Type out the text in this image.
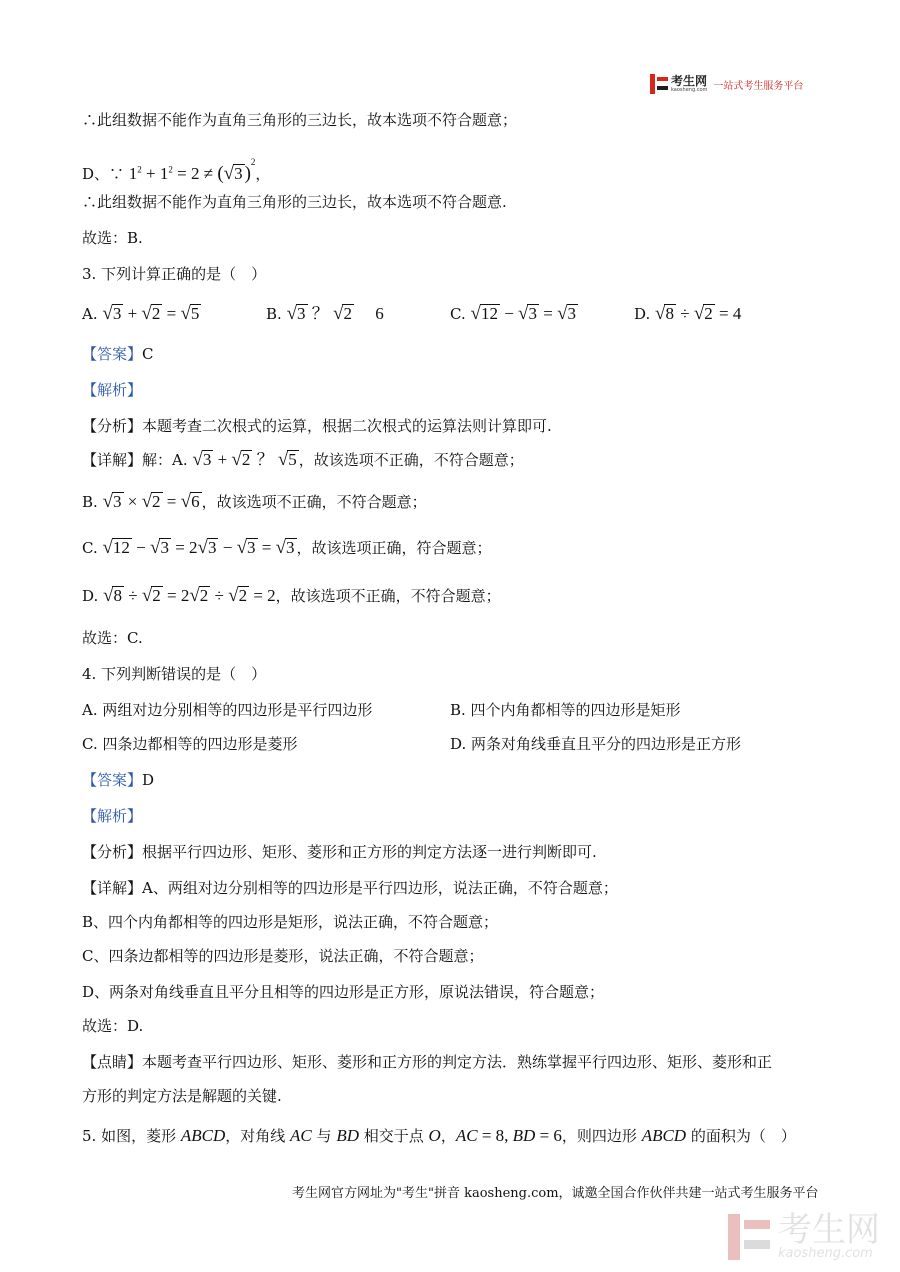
考生网
kaosheng.com 一站式考生服务平台
∴此组数据不能作为直角三角形的三边长，故本选项不符合题意；
D、∵ $1^2 + 1^2 = 2 \ne (√3$ )$^2$，
∴此组数据不能作为直角三角形的三边长，故本选项不符合题意.
故选：B.
3. 下列计算正确的是（　）
A. √3 + √2 = √5	B. √3 ？ √2 6	C. √12 − √3 = √3	D. √8 ÷ √2 = 4
【答案】C
【解析】
【分析】本题考查二次根式的运算，根据二次根式的运算法则计算即可.
【详解】解：A. √3 + √2 ？ √5 ，故该选项不正确，不符合题意；
B. √3 × √2 = √6 ，故该选项不正确，不符合题意；
C. √12 − √3 = 2√3 − √3 = √3 ，故该选项正确，符合题意；
D. √8 ÷ √2 = 2√2 ÷ √2 = 2，故该选项不正确，不符合题意；
故选：C.
4. 下列判断错误的是（　）
A. 两组对边分别相等的四边形是平行四边形	B. 四个内角都相等的四边形是矩形
C. 四条边都相等的四边形是菱形	D. 两条对角线垂直且平分的四边形是正方形
【答案】D
【解析】
【分析】根据平行四边形、矩形、菱形和正方形的判定方法逐一进行判断即可.
【详解】A、两组对边分别相等的四边形是平行四边形，说法正确，不符合题意；
B、四个内角都相等的四边形是矩形，说法正确，不符合题意；
C、四条边都相等的四边形是菱形，说法正确，不符合题意；
D、两条对角线垂直且平分且相等的四边形是正方形，原说法错误，符合题意；
故选：D.
【点睛】本题考查平行四边形、矩形、菱形和正方形的判定方法．熟练掌握平行四边形、矩形、菱形和正
方形的判定方法是解题的关键.
5. 如图，菱形 ABCD，对角线 AC 与 BD 相交于点 O，AC = 8, BD = 6，则四边形 ABCD 的面积为（　）
考生网官方网址为"考生"拼音 kaosheng.com，诚邀全国合作伙伴共建一站式考生服务平台
考生网
kaosheng.com
